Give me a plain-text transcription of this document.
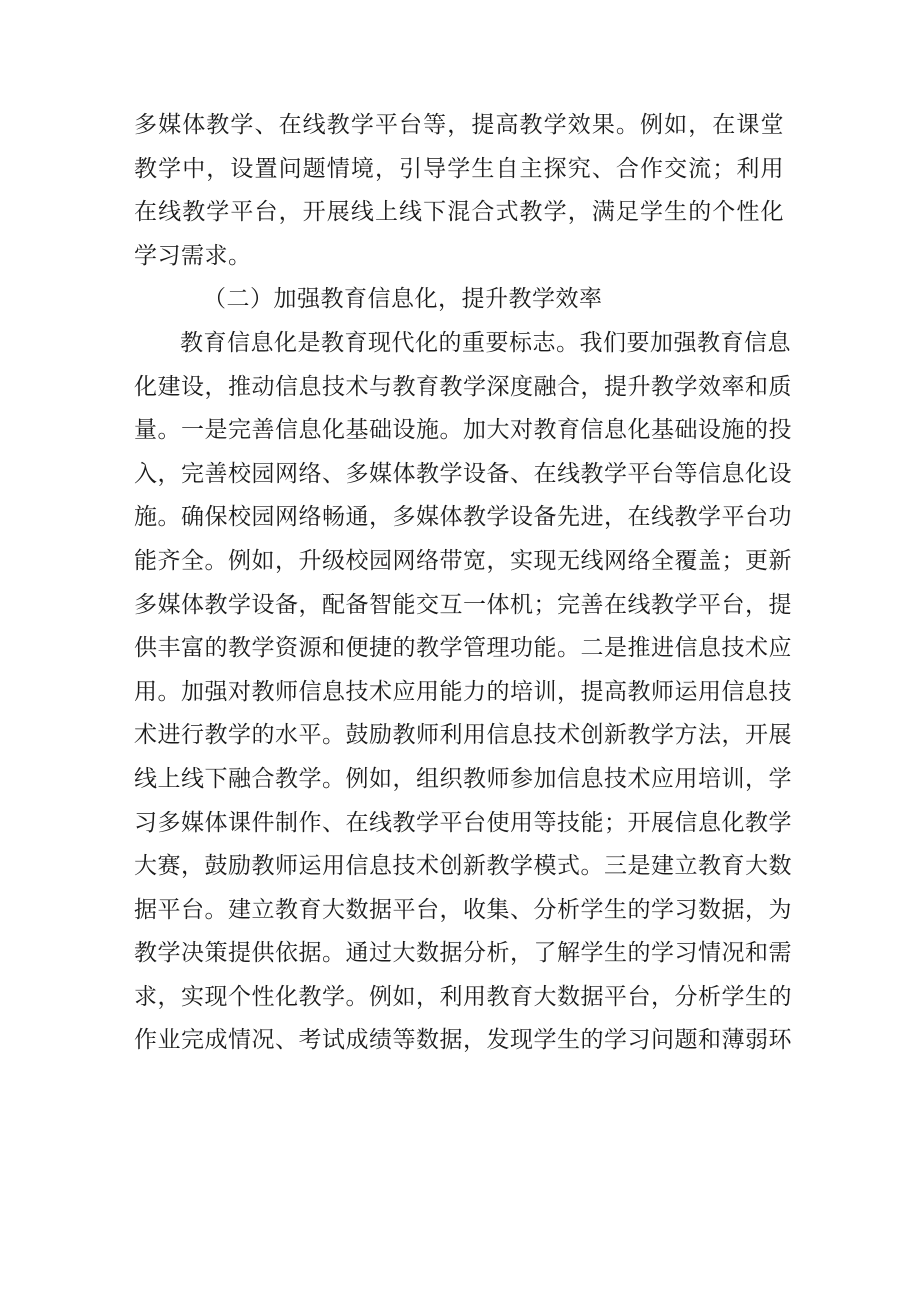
多媒体教学、在线教学平台等，提高教学效果。例如，在课堂
教学中，设置问题情境，引导学生自主探究、合作交流；利用
在线教学平台，开展线上线下混合式教学，满足学生的个性化
学习需求。
（二）加强教育信息化，提升教学效率
教育信息化是教育现代化的重要标志。我们要加强教育信息
化建设，推动信息技术与教育教学深度融合，提升教学效率和质
量。一是完善信息化基础设施。加大对教育信息化基础设施的投
入，完善校园网络、多媒体教学设备、在线教学平台等信息化设
施。确保校园网络畅通，多媒体教学设备先进，在线教学平台功
能齐全。例如，升级校园网络带宽，实现无线网络全覆盖；更新
多媒体教学设备，配备智能交互一体机；完善在线教学平台，提
供丰富的教学资源和便捷的教学管理功能。二是推进信息技术应
用。加强对教师信息技术应用能力的培训，提高教师运用信息技
术进行教学的水平。鼓励教师利用信息技术创新教学方法，开展
线上线下融合教学。例如，组织教师参加信息技术应用培训，学
习多媒体课件制作、在线教学平台使用等技能；开展信息化教学
大赛，鼓励教师运用信息技术创新教学模式。三是建立教育大数
据平台。建立教育大数据平台，收集、分析学生的学习数据，为
教学决策提供依据。通过大数据分析，了解学生的学习情况和需
求，实现个性化教学。例如，利用教育大数据平台，分析学生的
作业完成情况、考试成绩等数据，发现学生的学习问题和薄弱环
